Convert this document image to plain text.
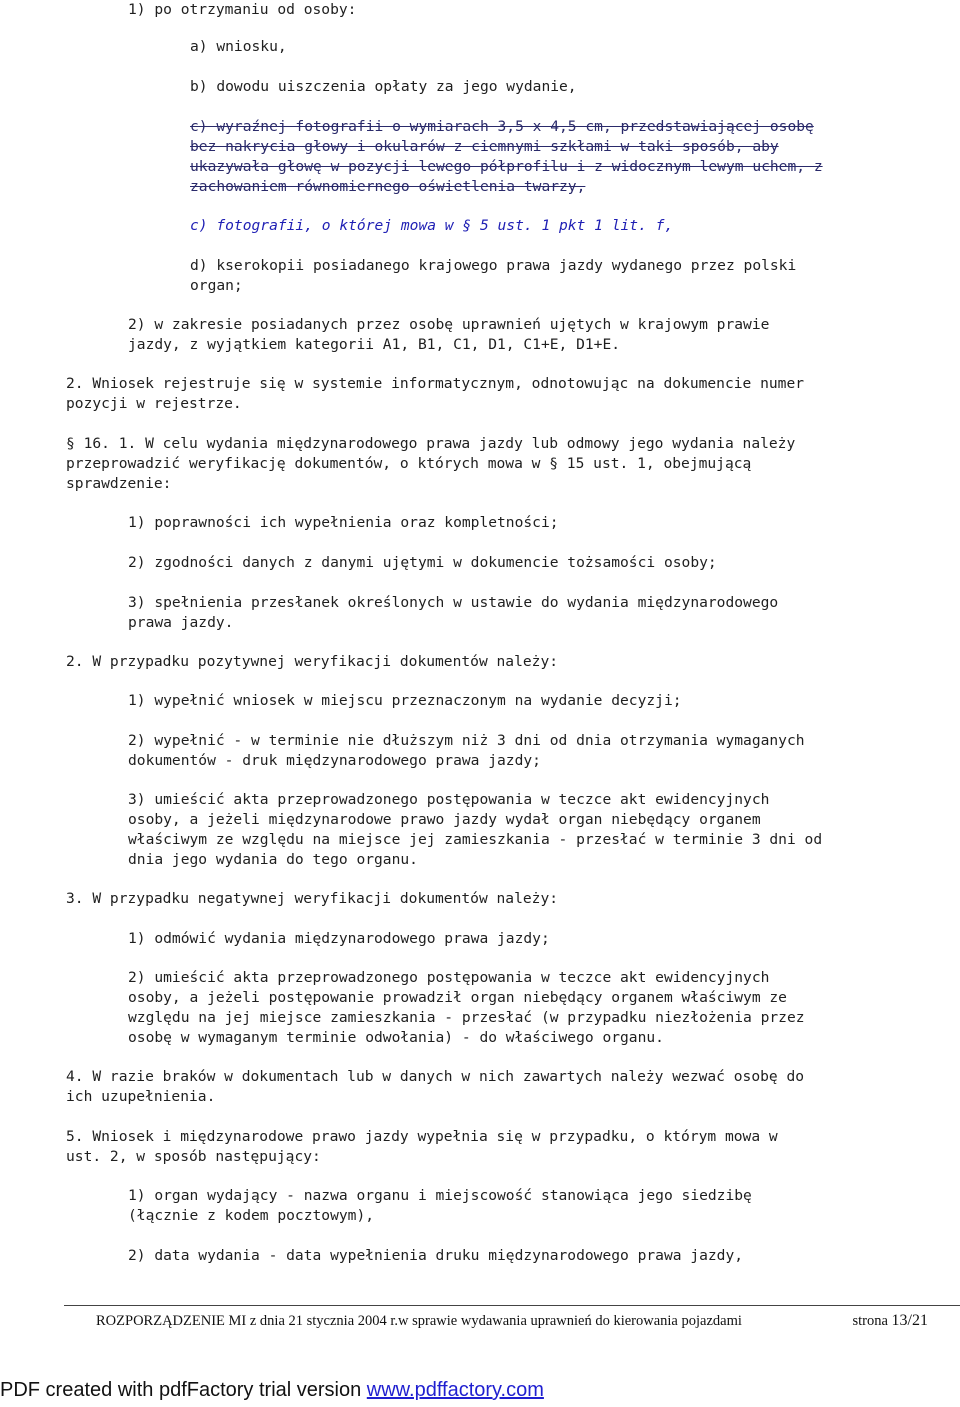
1) po otrzymaniu od osoby:

a) wniosku,

b) dowodu uiszczenia opłaty za jego wydanie,

c) wyraźnej fotografii o wymiarach 3,5 x 4,5 cm, przedstawiającej osobę

bez nakrycia głowy i okularów z ciemnymi szkłami w taki sposób, aby

ukazywała głowę w pozycji lewego półprofilu i z widocznym lewym uchem, z

zachowaniem równomiernego oświetlenia twarzy,

c) fotografii, o której mowa w § 5 ust. 1 pkt 1 lit. f,

d) kserokopii posiadanego krajowego prawa jazdy wydanego przez polski

organ;

2) w zakresie posiadanych przez osobę uprawnień ujętych w krajowym prawie

jazdy, z wyjątkiem kategorii A1, B1, C1, D1, C1+E, D1+E.

2. Wniosek rejestruje się w systemie informatycznym, odnotowując na dokumencie numer

pozycji w rejestrze.

§ 16. 1. W celu wydania międzynarodowego prawa jazdy lub odmowy jego wydania należy

przeprowadzić weryfikację dokumentów, o których mowa w § 15 ust. 1, obejmującą

sprawdzenie:

1) poprawności ich wypełnienia oraz kompletności;

2) zgodności danych z danymi ujętymi w dokumencie tożsamości osoby;

3) spełnienia przesłanek określonych w ustawie do wydania międzynarodowego

prawa jazdy.

2. W przypadku pozytywnej weryfikacji dokumentów należy:

1) wypełnić wniosek w miejscu przeznaczonym na wydanie decyzji;

2) wypełnić - w terminie nie dłuższym niż 3 dni od dnia otrzymania wymaganych

dokumentów - druk międzynarodowego prawa jazdy;

3) umieścić akta przeprowadzonego postępowania w teczce akt ewidencyjnych

osoby, a jeżeli międzynarodowe prawo jazdy wydał organ niebędący organem

właściwym ze względu na miejsce jej zamieszkania - przesłać w terminie 3 dni od

dnia jego wydania do tego organu.

3. W przypadku negatywnej weryfikacji dokumentów należy:

1) odmówić wydania międzynarodowego prawa jazdy;

2) umieścić akta przeprowadzonego postępowania w teczce akt ewidencyjnych

osoby, a jeżeli postępowanie prowadził organ niebędący organem właściwym ze

względu na jej miejsce zamieszkania - przesłać (w przypadku niezłożenia przez

osobę w wymaganym terminie odwołania) - do właściwego organu.

4. W razie braków w dokumentach lub w danych w nich zawartych należy wezwać osobę do

ich uzupełnienia.

5. Wniosek i międzynarodowe prawo jazdy wypełnia się w przypadku, o którym mowa w

ust. 2, w sposób następujący:

1) organ wydający - nazwa organu i miejscowość stanowiąca jego siedzibę

(łącznie z kodem pocztowym),

2) data wydania - data wypełnienia druku międzynarodowego prawa jazdy,

ROZPORZĄDZENIE MI z dnia 21 stycznia 2004 r.w sprawie wydawania uprawnień do kierowania pojazdami	strona 13/21
PDF created with pdfFactory trial version www.pdffactory.com
